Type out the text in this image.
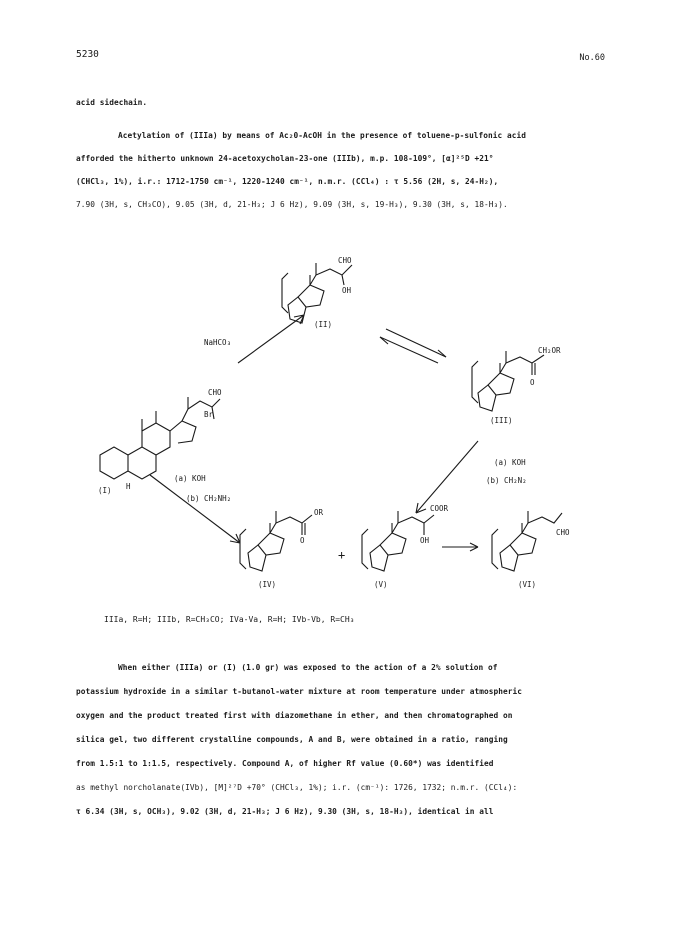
5230	No.60
acid sidechain.
Acetylation of (IIIa) by means of Ac₂0-AcOH in the presence of toluene-p-sulfonic acid
afforded the hitherto unknown 24-acetoxycholan-23-one (IIIb), m.p. 108-109°, [α]²⁵D +21°
(CHCl₃, 1%), i.r.: 1712-1750 cm⁻¹, 1220-1240 cm⁻¹, n.m.r. (CCl₄) : τ 5.56 (2H, s, 24-H₂),
7.90 (3H, s, CH₃CO), 9.05 (3H, d, 21-H₃; J 6 Hz), 9.09 (3H, s, 19-H₃), 9.30 (3H, s, 18-H₃).
(I)
(II)
(III)
(IV)	(V)	(VI)
NaHCO₃
(a) KOH
(b) CH₂NH₂
(a) KOH
(b) CH₂N₂
CHO
OH
CH₂OR
O
CHO
Br
H
OR
O
COOR
OH
CHO
+
IIIa, R=H; IIIb, R=CH₃CO; IVa-Va, R=H; IVb-Vb, R=CH₃
When either (IIIa) or (I) (1.0 gr) was exposed to the action of a 2% solution of
potassium hydroxide in a similar t-butanol-water mixture at room temperature under atmospheric
oxygen and the product treated first with diazomethane in ether, and then chromatographed on
silica gel, two different crystalline compounds, A and B, were obtained in a ratio, ranging
from 1.5:1 to 1:1.5, respectively. Compound A, of higher Rf value (0.60*) was identified
as methyl norcholanate(IVb), [M]²⁷D +70° (CHCl₃, 1%); i.r. (cm⁻¹): 1726, 1732; n.m.r. (CCl₄):
τ 6.34 (3H, s, OCH₃), 9.02 (3H, d, 21-H₃; J 6 Hz), 9.30 (3H, s, 18-H₃), identical in all
